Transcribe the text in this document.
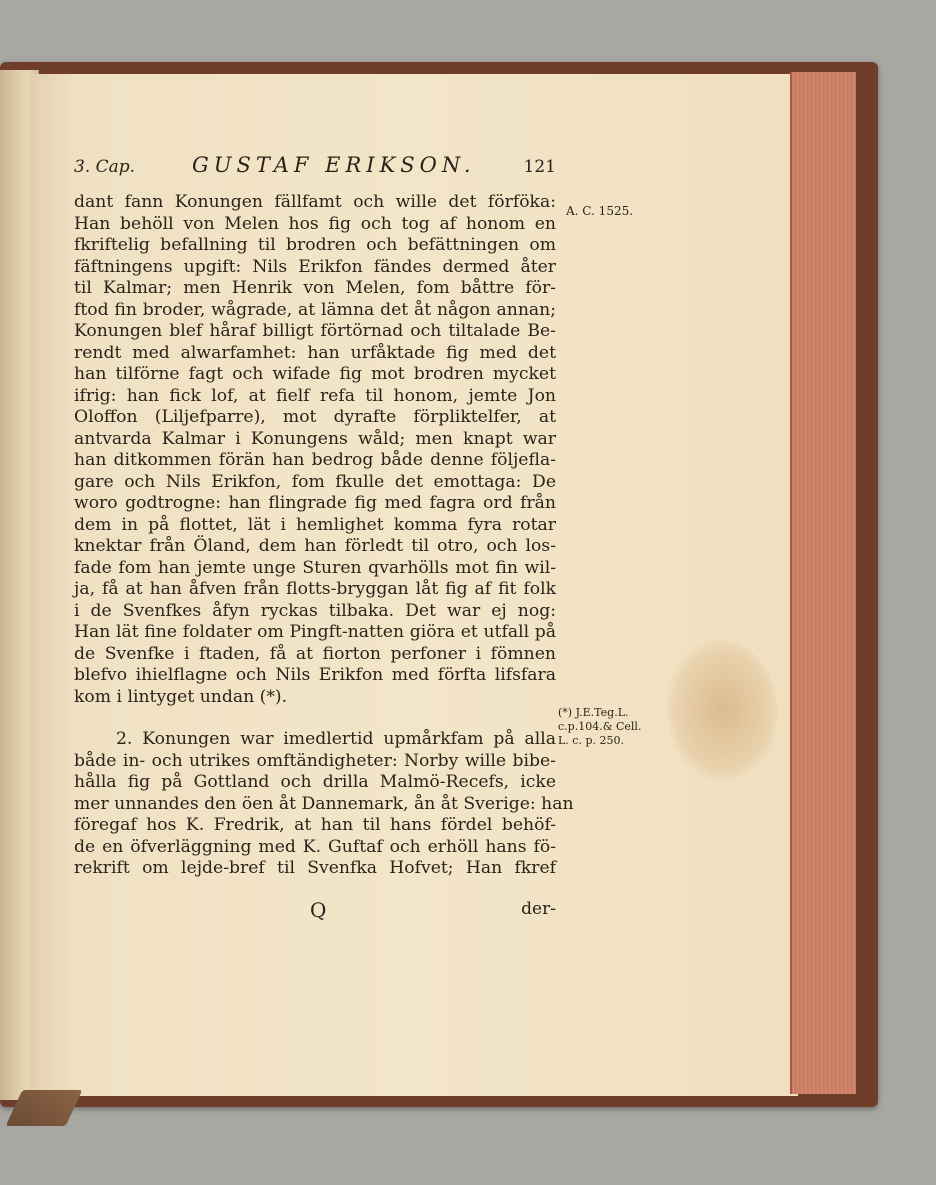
3. Cap.	GUSTAF ERIKSON.	121
A. C. 1525.
(*) J.E.Teg.L.
c.p.104.& Cell.
L. c. p. 250.
dant fann Konungen fällfamt och wille det förföka:
Han behöll von Melen hos fig och tog af honom en
fkriftelig befallning til brodren och befättningen om
fäftningens upgift: Nils Erikfon fändes dermed åter
til Kalmar; men Henrik von Melen, fom båttre för-
ftod fin broder, wågrade, at lämna det åt någon annan;
Konungen blef håraf billigt förtörnad och tiltalade Be-
rendt med alwarfamhet: han urfåktade fig med det
han tilförne fagt och wifade fig mot brodren mycket
ifrig: han fick lof, at fielf refa til honom, jemte Jon
Oloffon (Liljefparre), mot dyrafte förpliktelfer, at
antvarda Kalmar i Konungens wåld; men knapt war
han ditkommen förän han bedrog både denne följefla-
gare och Nils Erikfon, fom fkulle det emottaga: De
woro godtrogne: han flingrade fig med fagra ord från
dem in på flottet, lät i hemlighet komma fyra rotar
knektar från Öland, dem han förledt til otro, och los-
fade fom han jemte unge Sturen qvarhölls mot fin wil-
ja, få at han åfven från flotts-bryggan låt fig af fit folk
i de Svenfkes åfyn ryckas tilbaka. Det war ej nog:
Han lät fine foldater om Pingft-natten giöra et utfall på
de Svenfke i ftaden, få at fiorton perfoner i fömnen
blefvo ihielflagne och Nils Erikfon med förfta lifsfara
kom i lintyget undan (*).
2. Konungen war imedlertid upmårkfam på alla
både in- och utrikes omftändigheter: Norby wille bibe-
hålla fig på Gottland och drilla Malmö-Recefs, icke
mer unnandes den öen åt Dannemark, ån åt Sverige: han
föregaf hos K. Fredrik, at han til hans fördel behöf-
de en öfverläggning med K. Guftaf och erhöll hans fö-
rekrift om lejde-bref til Svenfka Hofvet; Han fkref
Q	der-
